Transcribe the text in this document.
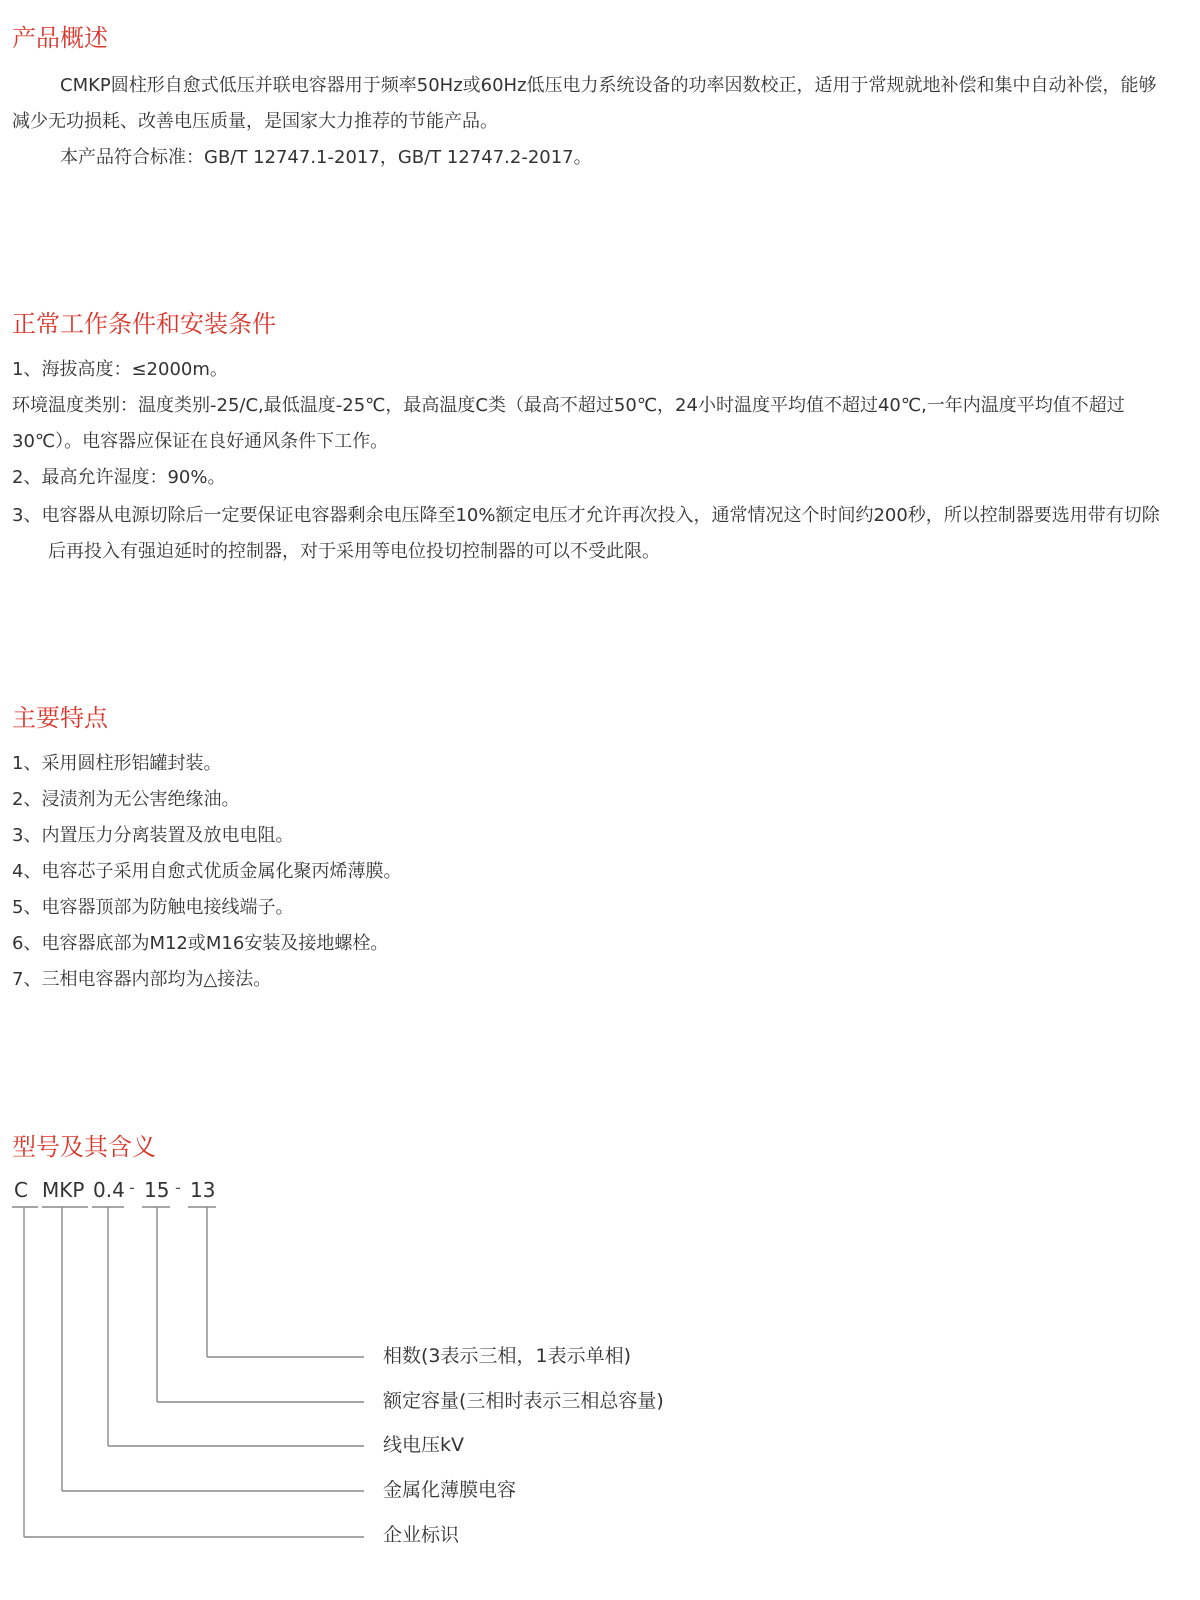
产品概述

CMKP圆柱形自愈式低压并联电容器用于频率50Hz或60Hz低压电力系统设备的功率因数校正，适用于常规就地补偿和集中自动补偿，能够减少无功损耗、改善电压质量，是国家大力推荐的节能产品。

本产品符合标准：GB/T 12747.1-2017，GB/T 12747.2-2017。

正常工作条件和安装条件

1、海拔高度：≤2000m。

环境温度类别：温度类别-25/C,最低温度-25℃，最高温度C类（最高不超过50℃，24小时温度平均值不超过40℃,一年内温度平均值不超过30℃）。电容器应保证在良好通风条件下工作。

2、最高允许湿度：90%。

3、电容器从电源切除后一定要保证电容器剩余电压降至10%额定电压才允许再次投入，通常情况这个时间约200秒，所以控制器要选用带有切除后再投入有强迫延时的控制器，对于采用等电位投切控制器的可以不受此限。

主要特点

1、采用圆柱形铝罐封装。

2、浸渍剂为无公害绝缘油。

3、内置压力分离装置及放电电阻。

4、电容芯子采用自愈式优质金属化聚丙烯薄膜。

5、电容器顶部为防触电接线端子。

6、电容器底部为M12或M16安装及接地螺栓。

7、三相电容器内部均为△接法。

型号及其含义
C MKP 0.4 - 15 - 13
相数(3表示三相，1表示单相)
额定容量(三相时表示三相总容量)
线电压kV
金属化薄膜电容
企业标识
